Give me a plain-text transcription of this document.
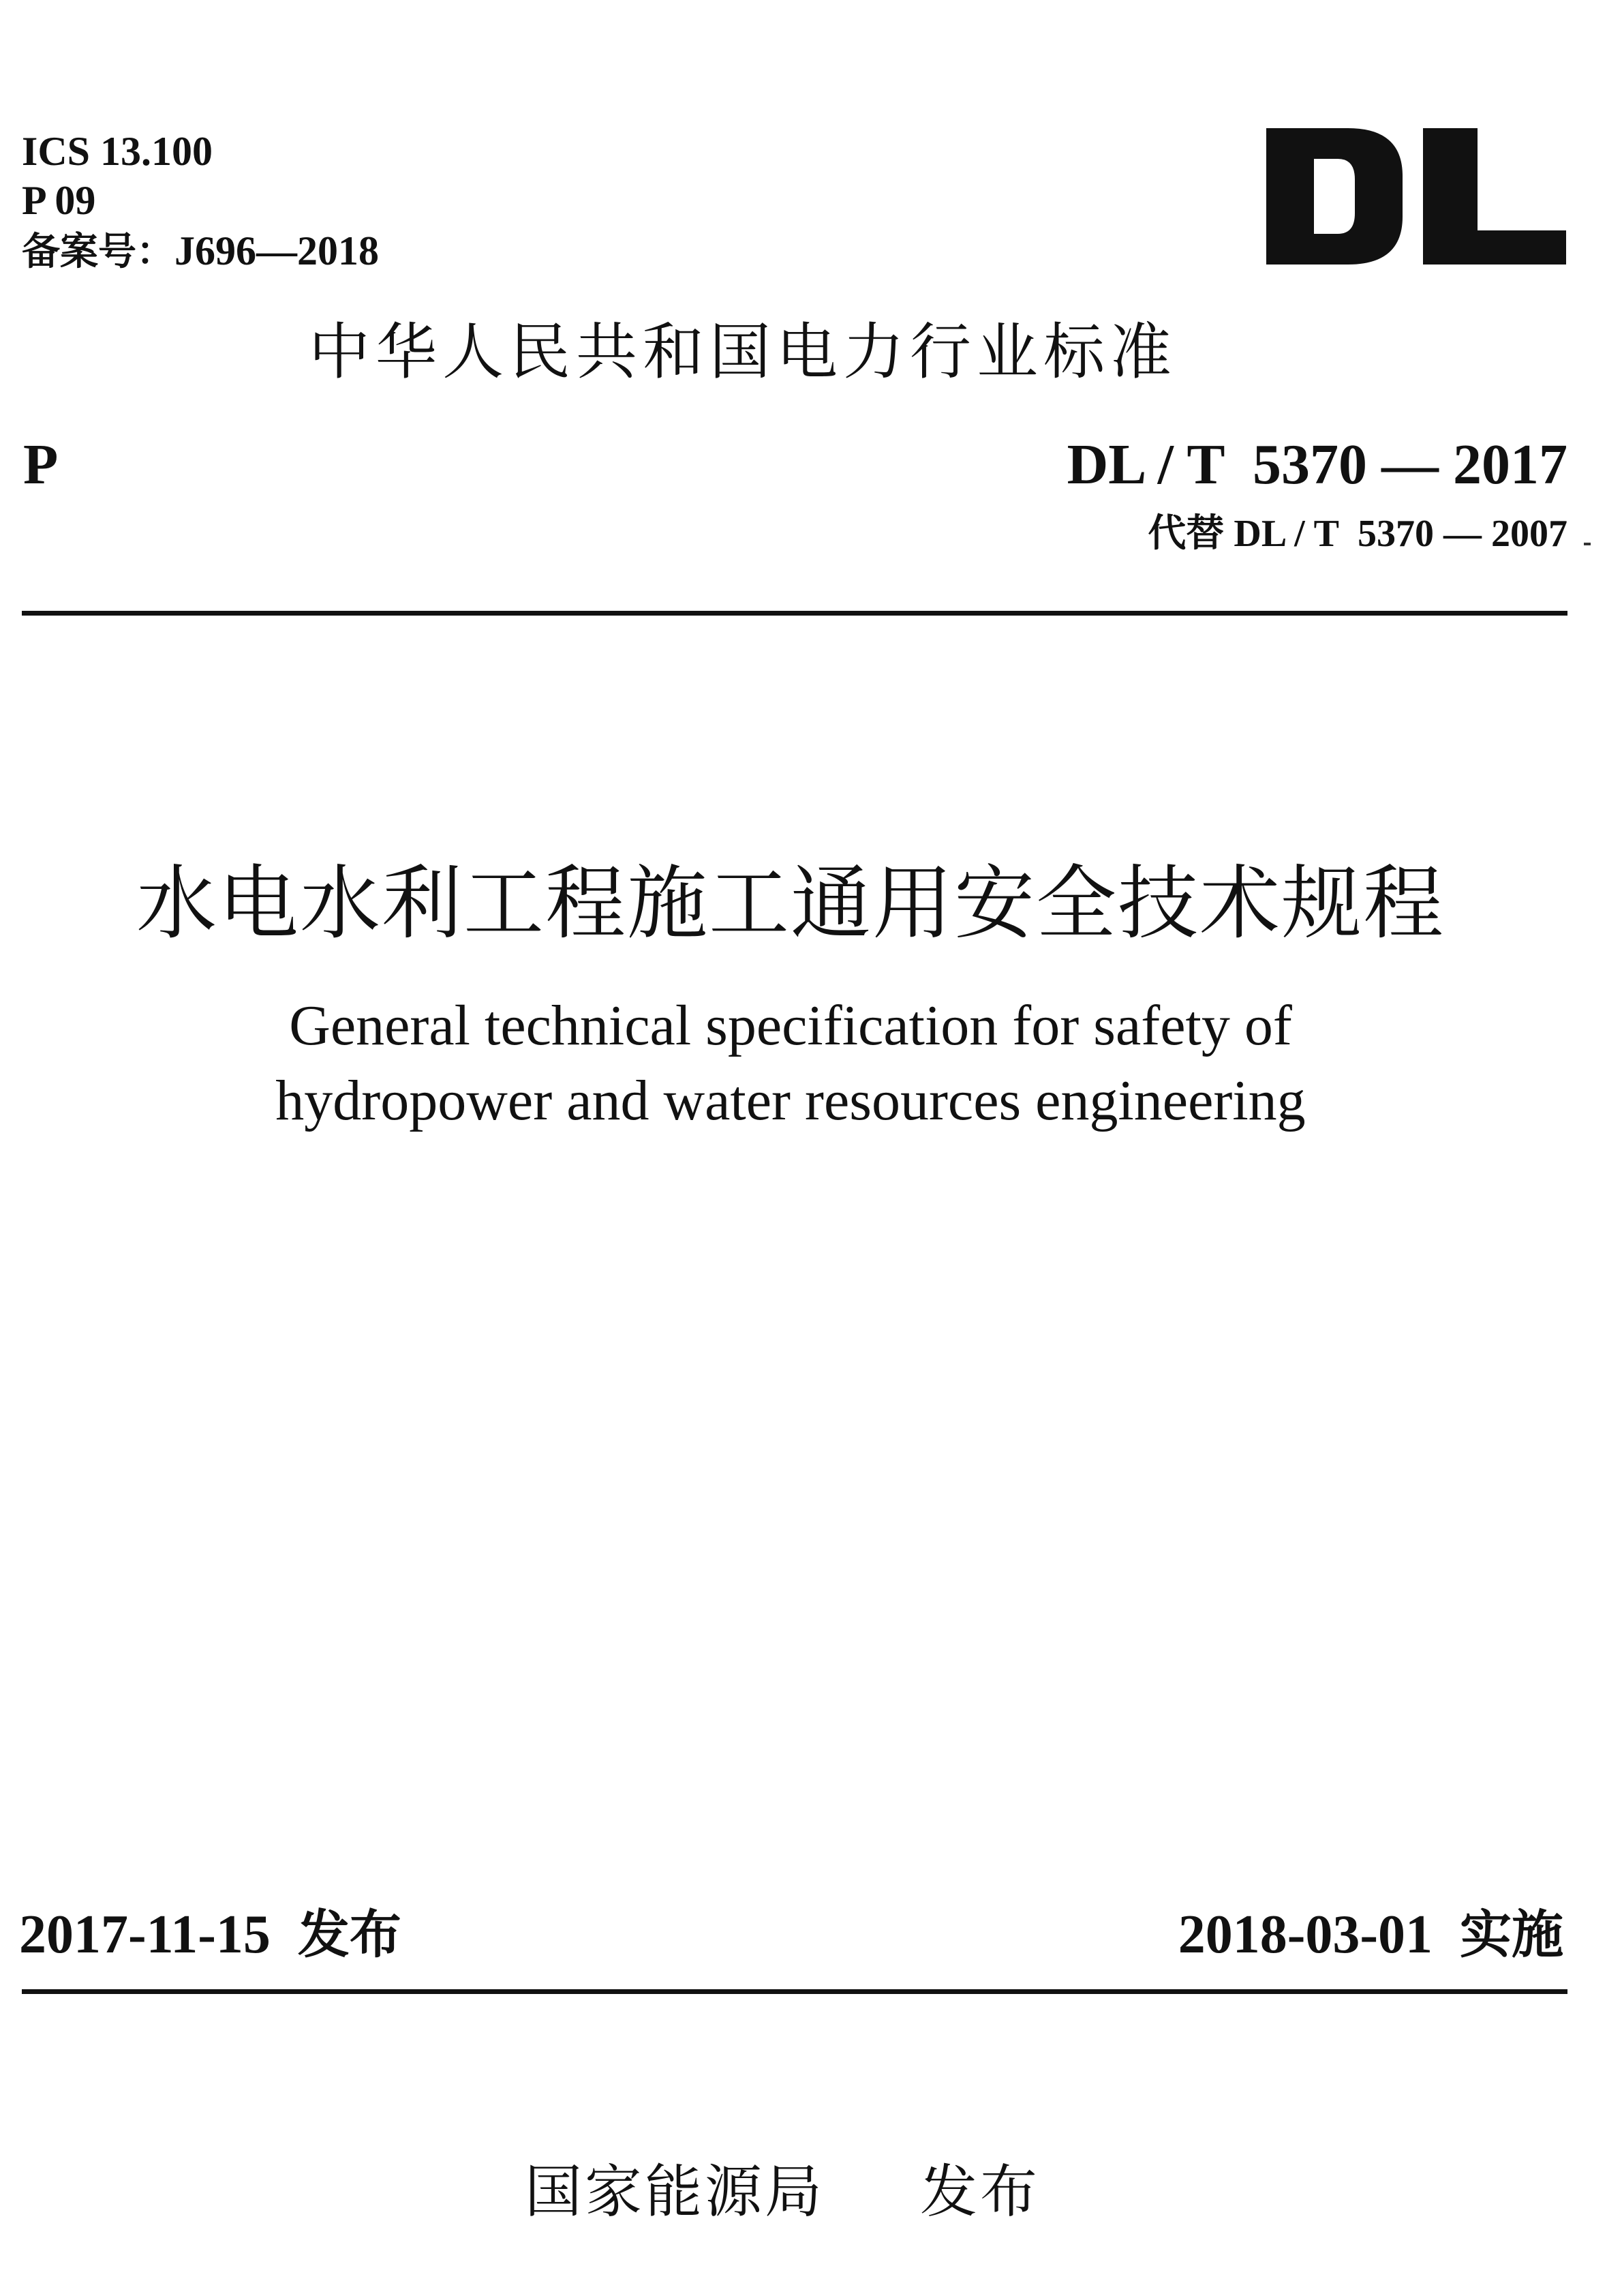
ICS 13.100
P 09
备案号：J696—2018
中华人民共和国电力行业标准
P	DL / T  5370 — 2017
代替 DL / T  5370 — 2007
水电水利工程施工通用安全技术规程
General technical specification for safety of
hydropower and water resources engineering
2017-11-15 发布	2018-03-01 实施
国家能源局 发布
